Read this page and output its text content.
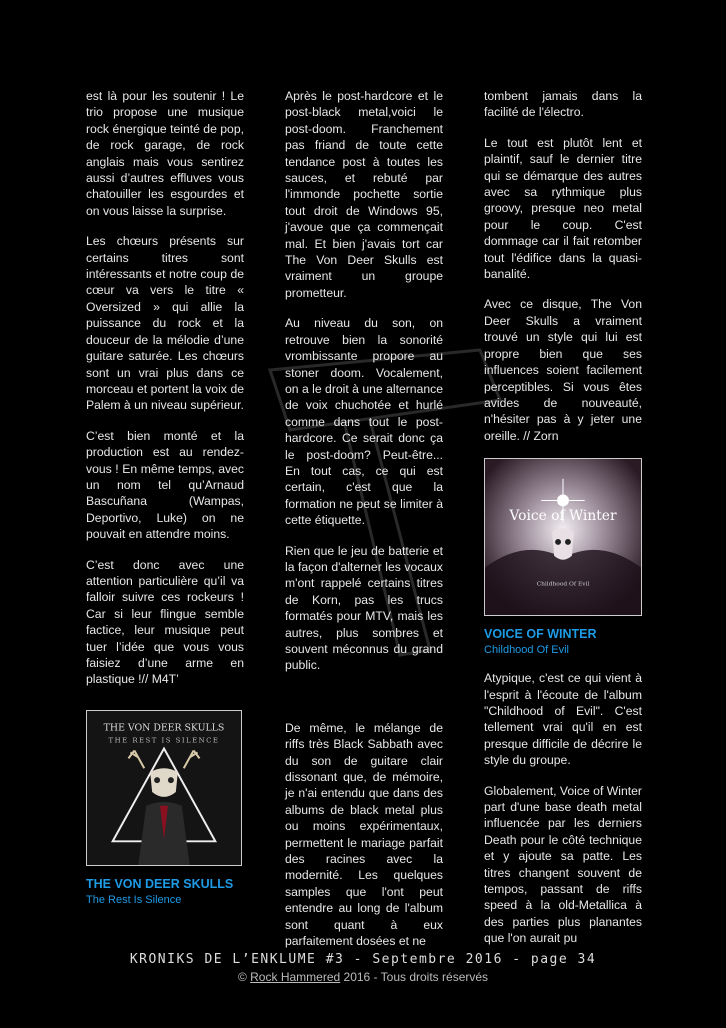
est là pour les soutenir ! Le trio propose une musique rock énergique teinté de pop, de rock garage, de rock anglais mais vous sentirez aussi d’autres effluves vous chatouiller les esgourdes et on vous laisse la surprise.

Les chœurs présents sur certains titres sont intéressants et notre coup de cœur va vers le titre « Oversized » qui allie la puissance du rock et la douceur de la mélodie d’une guitare saturée. Les chœurs sont un vrai plus dans ce morceau et portent la voix de Palem à un niveau supérieur.

C’est bien monté et la production est au rendez-vous ! En même temps, avec un nom tel qu’Arnaud Bascuñana (Wampas, Deportivo, Luke) on ne pouvait en attendre moins.

C’est donc avec une attention particulière qu’il va falloir suivre ces rockeurs ! Car si leur flingue semble factice, leur musique peut tuer l’idée que vous vous faisiez d’une arme en plastique !// M4T’

THE VON DEER SKULLS
THE REST IS SILENCE
THE VON DEER SKULLS
The Rest Is Silence

Après le post-hardcore et le post-black metal,voici le post-doom. Franchement pas friand de toute cette tendance post à toutes les sauces, et rebuté par l'immonde pochette sortie tout droit de Windows 95, j'avoue que ça commençait mal. Et bien j'avais tort car The Von Deer Skulls est vraiment un groupe prometteur.

Au niveau du son, on retrouve bien la sonorité vrombissante propore au stoner doom. Vocalement, on a le droit à une alternance de voix chuchotée et hurlé comme dans tout le post-hardcore. Ce serait donc ça le post-doom? Peut-être... En tout cas, ce qui est certain, c'est que la formation ne peut se limiter à cette étiquette.

Rien que le jeu de batterie et la façon d'alterner les vocaux m'ont rappelé certains titres de Korn, pas les trucs formatés pour MTV, mais les autres, plus sombres et souvent méconnus du grand public.

De même, le mélange de riffs très Black Sabbath avec du son de guitare clair dissonant que, de mémoire, je n'ai entendu que dans des albums de black metal plus ou moins expérimentaux, permettent le mariage parfait des racines avec la modernité. Les quelques samples que l'ont peut entendre au long de l'album sont quant à eux parfaitement dosées et ne

tombent jamais dans la facilité de l'électro.

Le tout est plutôt lent et plaintif, sauf le dernier titre qui se démarque des autres avec sa rythmique plus groovy, presque neo metal pour le coup. C'est dommage car il fait retomber tout l'édifice dans la quasi-banalité.

Avec ce disque, The Von Deer Skulls a vraiment trouvé un style qui lui est propre bien que ses influences soient facilement perceptibles. Si vous êtes avides de nouveauté, n'hésiter pas à y jeter une oreille. // Zorn

Voice of Winter
Childhood Of Evil
VOICE OF WINTER
Childhood Of Evil

Atypique, c'est ce qui vient à l'esprit à l'écoute de l'album "Childhood of Evil". C'est tellement vrai qu'il en est presque difficile de décrire le style du groupe.

Globalement, Voice of Winter part d'une base death metal influencée par les derniers Death pour le côté technique et y ajoute sa patte. Les titres changent souvent de tempos, passant de riffs speed à la old-Metallica à des parties plus planantes que l'on aurait pu

KRONIKS DE L’ENKLUME #3 - Septembre 2016 - page 34
© Rock Hammered 2016 - Tous droits réservés
